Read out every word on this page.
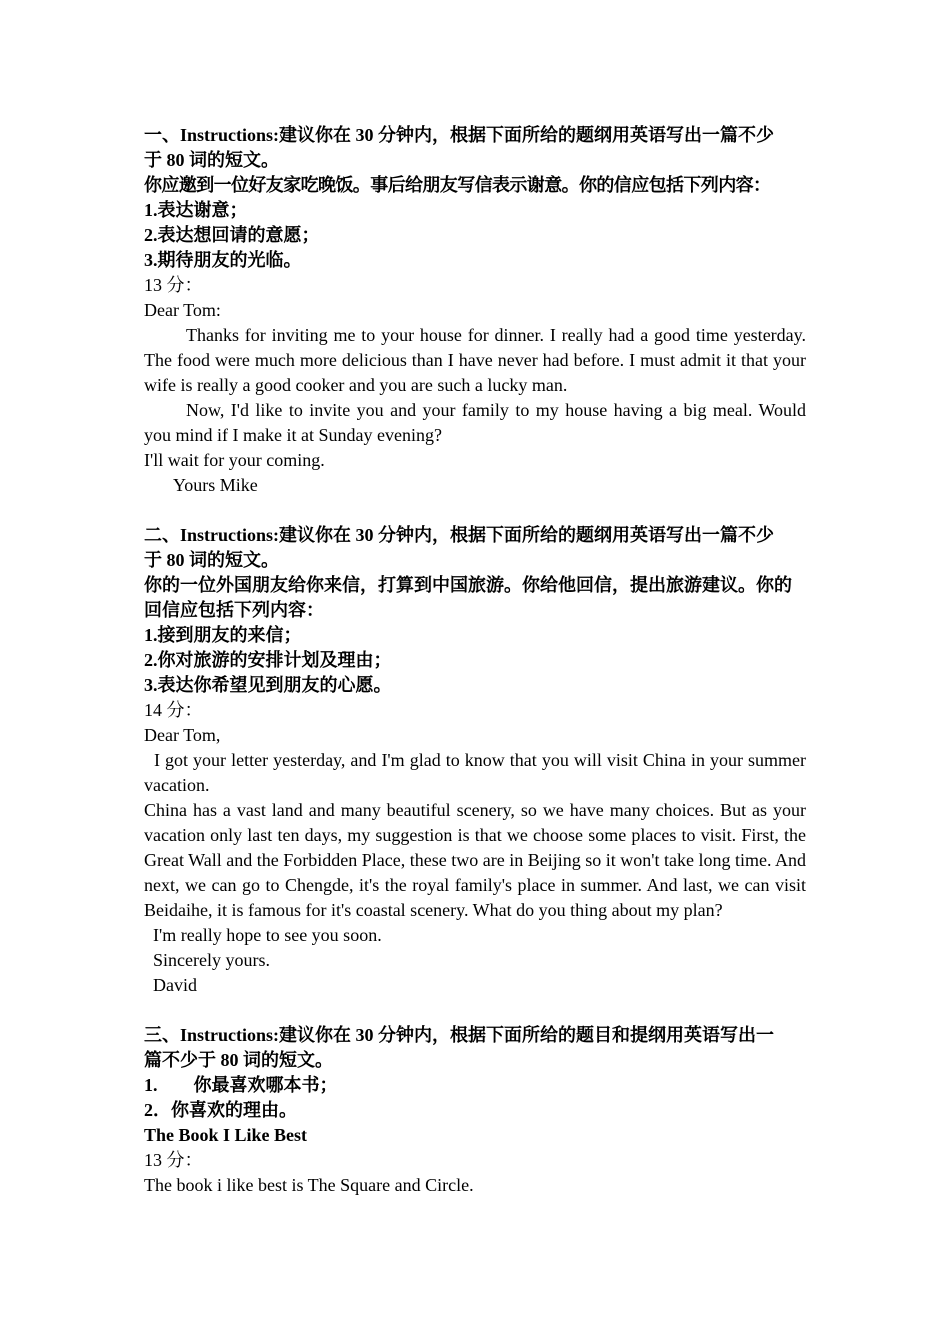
一、Instructions:建议你在 30 分钟内，根据下面所给的题纲用英语写出一篇不少
于 80 词的短文。
你应邀到一位好友家吃晚饭。事后给朋友写信表示谢意。你的信应包括下列内容：
1.表达谢意；
2.表达想回请的意愿；
3.期待朋友的光临。
13 分：
Dear Tom:
Thanks for inviting me to your house for dinner. I really had a good time yesterday. The food were much more delicious than I have never had before. I must admit it that your wife is really a good cooker and you are such a lucky man.
Now, I'd like to invite you and your family to my house having a big meal. Would you mind if I make it at Sunday evening?
I'll wait for your coming.
Yours Mike
二、Instructions:建议你在 30 分钟内，根据下面所给的题纲用英语写出一篇不少
于 80 词的短文。
你的一位外国朋友给你来信，打算到中国旅游。你给他回信，提出旅游建议。你的
回信应包括下列内容：
1.接到朋友的来信；
2.你对旅游的安排计划及理由；
3.表达你希望见到朋友的心愿。
14 分：
Dear Tom,
I got your letter yesterday, and I'm glad to know that you will visit China in your summer vacation.
China has a vast land and many beautiful scenery, so we have many choices. But as your vacation only last ten days, my suggestion is that we choose some places to visit. First, the Great Wall and the Forbidden Place, these two are in Beijing so it won't take long time. And next, we can go to Chengde, it's the royal family's place in summer. And last, we can visit Beidaihe, it is famous for it's coastal scenery. What do you thing about my plan?
I'm really hope to see you soon.
Sincerely yours.
David
三、Instructions:建议你在 30 分钟内，根据下面所给的题目和提纲用英语写出一
篇不少于 80 词的短文。
1.　　你最喜欢哪本书；
2．你喜欢的理由。
The Book I Like Best
13 分：
The book i like best is The Square and Circle.
